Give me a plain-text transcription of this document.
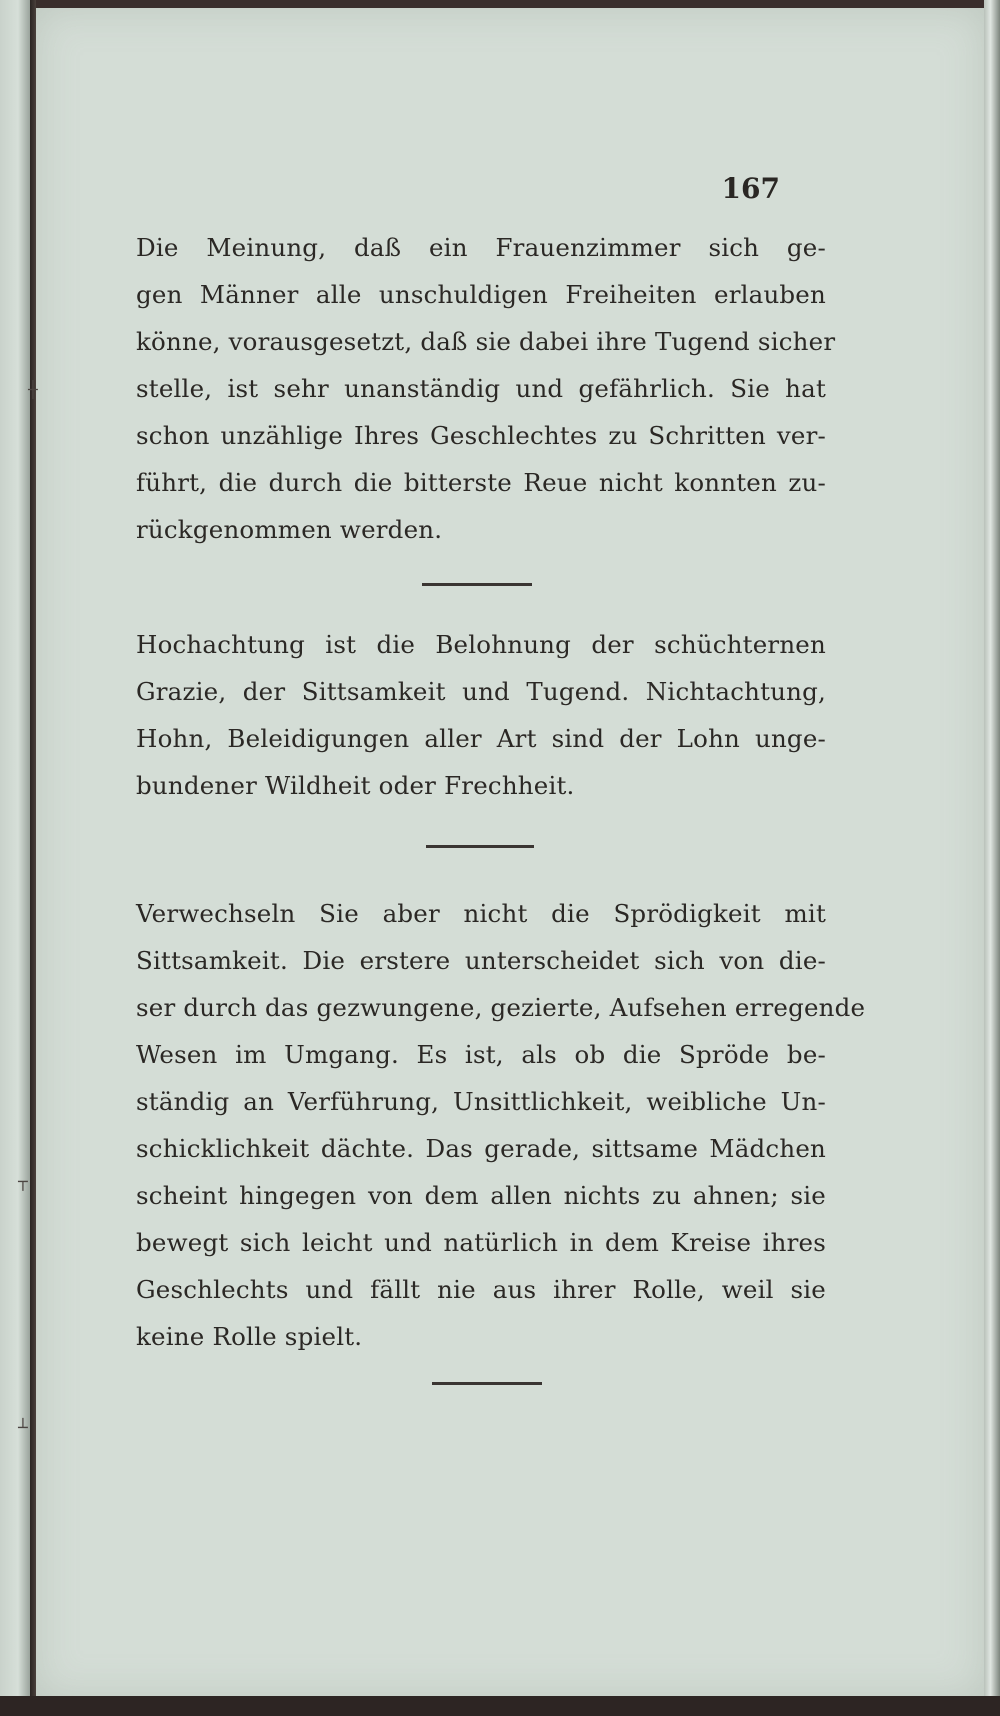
┼
┬
┴
167
Die Meinung, daß ein Frauenzimmer sich ge-
gen Männer alle unschuldigen Freiheiten erlauben
könne, vorausgesetzt, daß sie dabei ihre Tugend sicher
stelle, ist sehr unanständig und gefährlich. Sie hat
schon unzählige Ihres Geschlechtes zu Schritten ver-
führt, die durch die bitterste Reue nicht konnten zu-
rückgenommen werden.
Hochachtung ist die Belohnung der schüchternen
Grazie, der Sittsamkeit und Tugend. Nichtachtung,
Hohn, Beleidigungen aller Art sind der Lohn unge-
bundener Wildheit oder Frechheit.
Verwechseln Sie aber nicht die Sprödigkeit mit
Sittsamkeit. Die erstere unterscheidet sich von die-
ser durch das gezwungene, gezierte, Aufsehen erregende
Wesen im Umgang. Es ist, als ob die Spröde be-
ständig an Verführung, Unsittlichkeit, weibliche Un-
schicklichkeit dächte. Das gerade, sittsame Mädchen
scheint hingegen von dem allen nichts zu ahnen; sie
bewegt sich leicht und natürlich in dem Kreise ihres
Geschlechts und fällt nie aus ihrer Rolle, weil sie
keine Rolle spielt.
